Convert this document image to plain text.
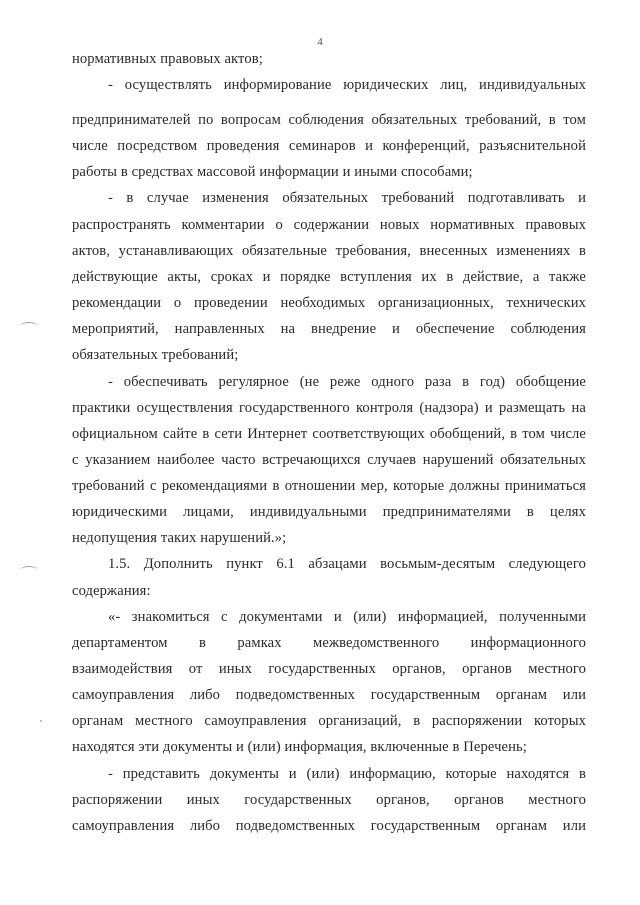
4
нормативных правовых актов;
- осуществлять информирование юридических лиц, индивидуальных
предпринимателей по вопросам соблюдения обязательных требований, в том
числе посредством проведения семинаров и конференций, разъяснительной
работы в средствах массовой информации и иными способами;
- в случае изменения обязательных требований подготавливать и
распространять комментарии о содержании новых нормативных правовых
актов, устанавливающих обязательные требования, внесенных изменениях в
действующие акты, сроках и порядке вступления их в действие, а также
рекомендации о проведении необходимых организационных, технических
мероприятий, направленных на внедрение и обеспечение соблюдения
обязательных требований;
- обеспечивать регулярное (не реже одного раза в год) обобщение
практики осуществления государственного контроля (надзора) и размещать на
официальном сайте в сети Интернет соответствующих обобщений, в том числе
с указанием наиболее часто встречающихся случаев нарушений обязательных
требований с рекомендациями в отношении мер, которые должны приниматься
юридическими лицами, индивидуальными предпринимателями в целях
недопущения таких нарушений.»;
1.5. Дополнить пункт 6.1 абзацами восьмым-десятым следующего
содержания:
«- знакомиться с документами и (или) информацией, полученными
департаментом в рамках межведомственного информационного
взаимодействия от иных государственных органов, органов местного
самоуправления либо подведомственных государственным органам или
органам местного самоуправления организаций, в распоряжении которых
находятся эти документы и (или) информация, включенные в Перечень;
- представить документы и (или) информацию, которые находятся в
распоряжении иных государственных органов, органов местного
самоуправления либо подведомственных государственным органам или
